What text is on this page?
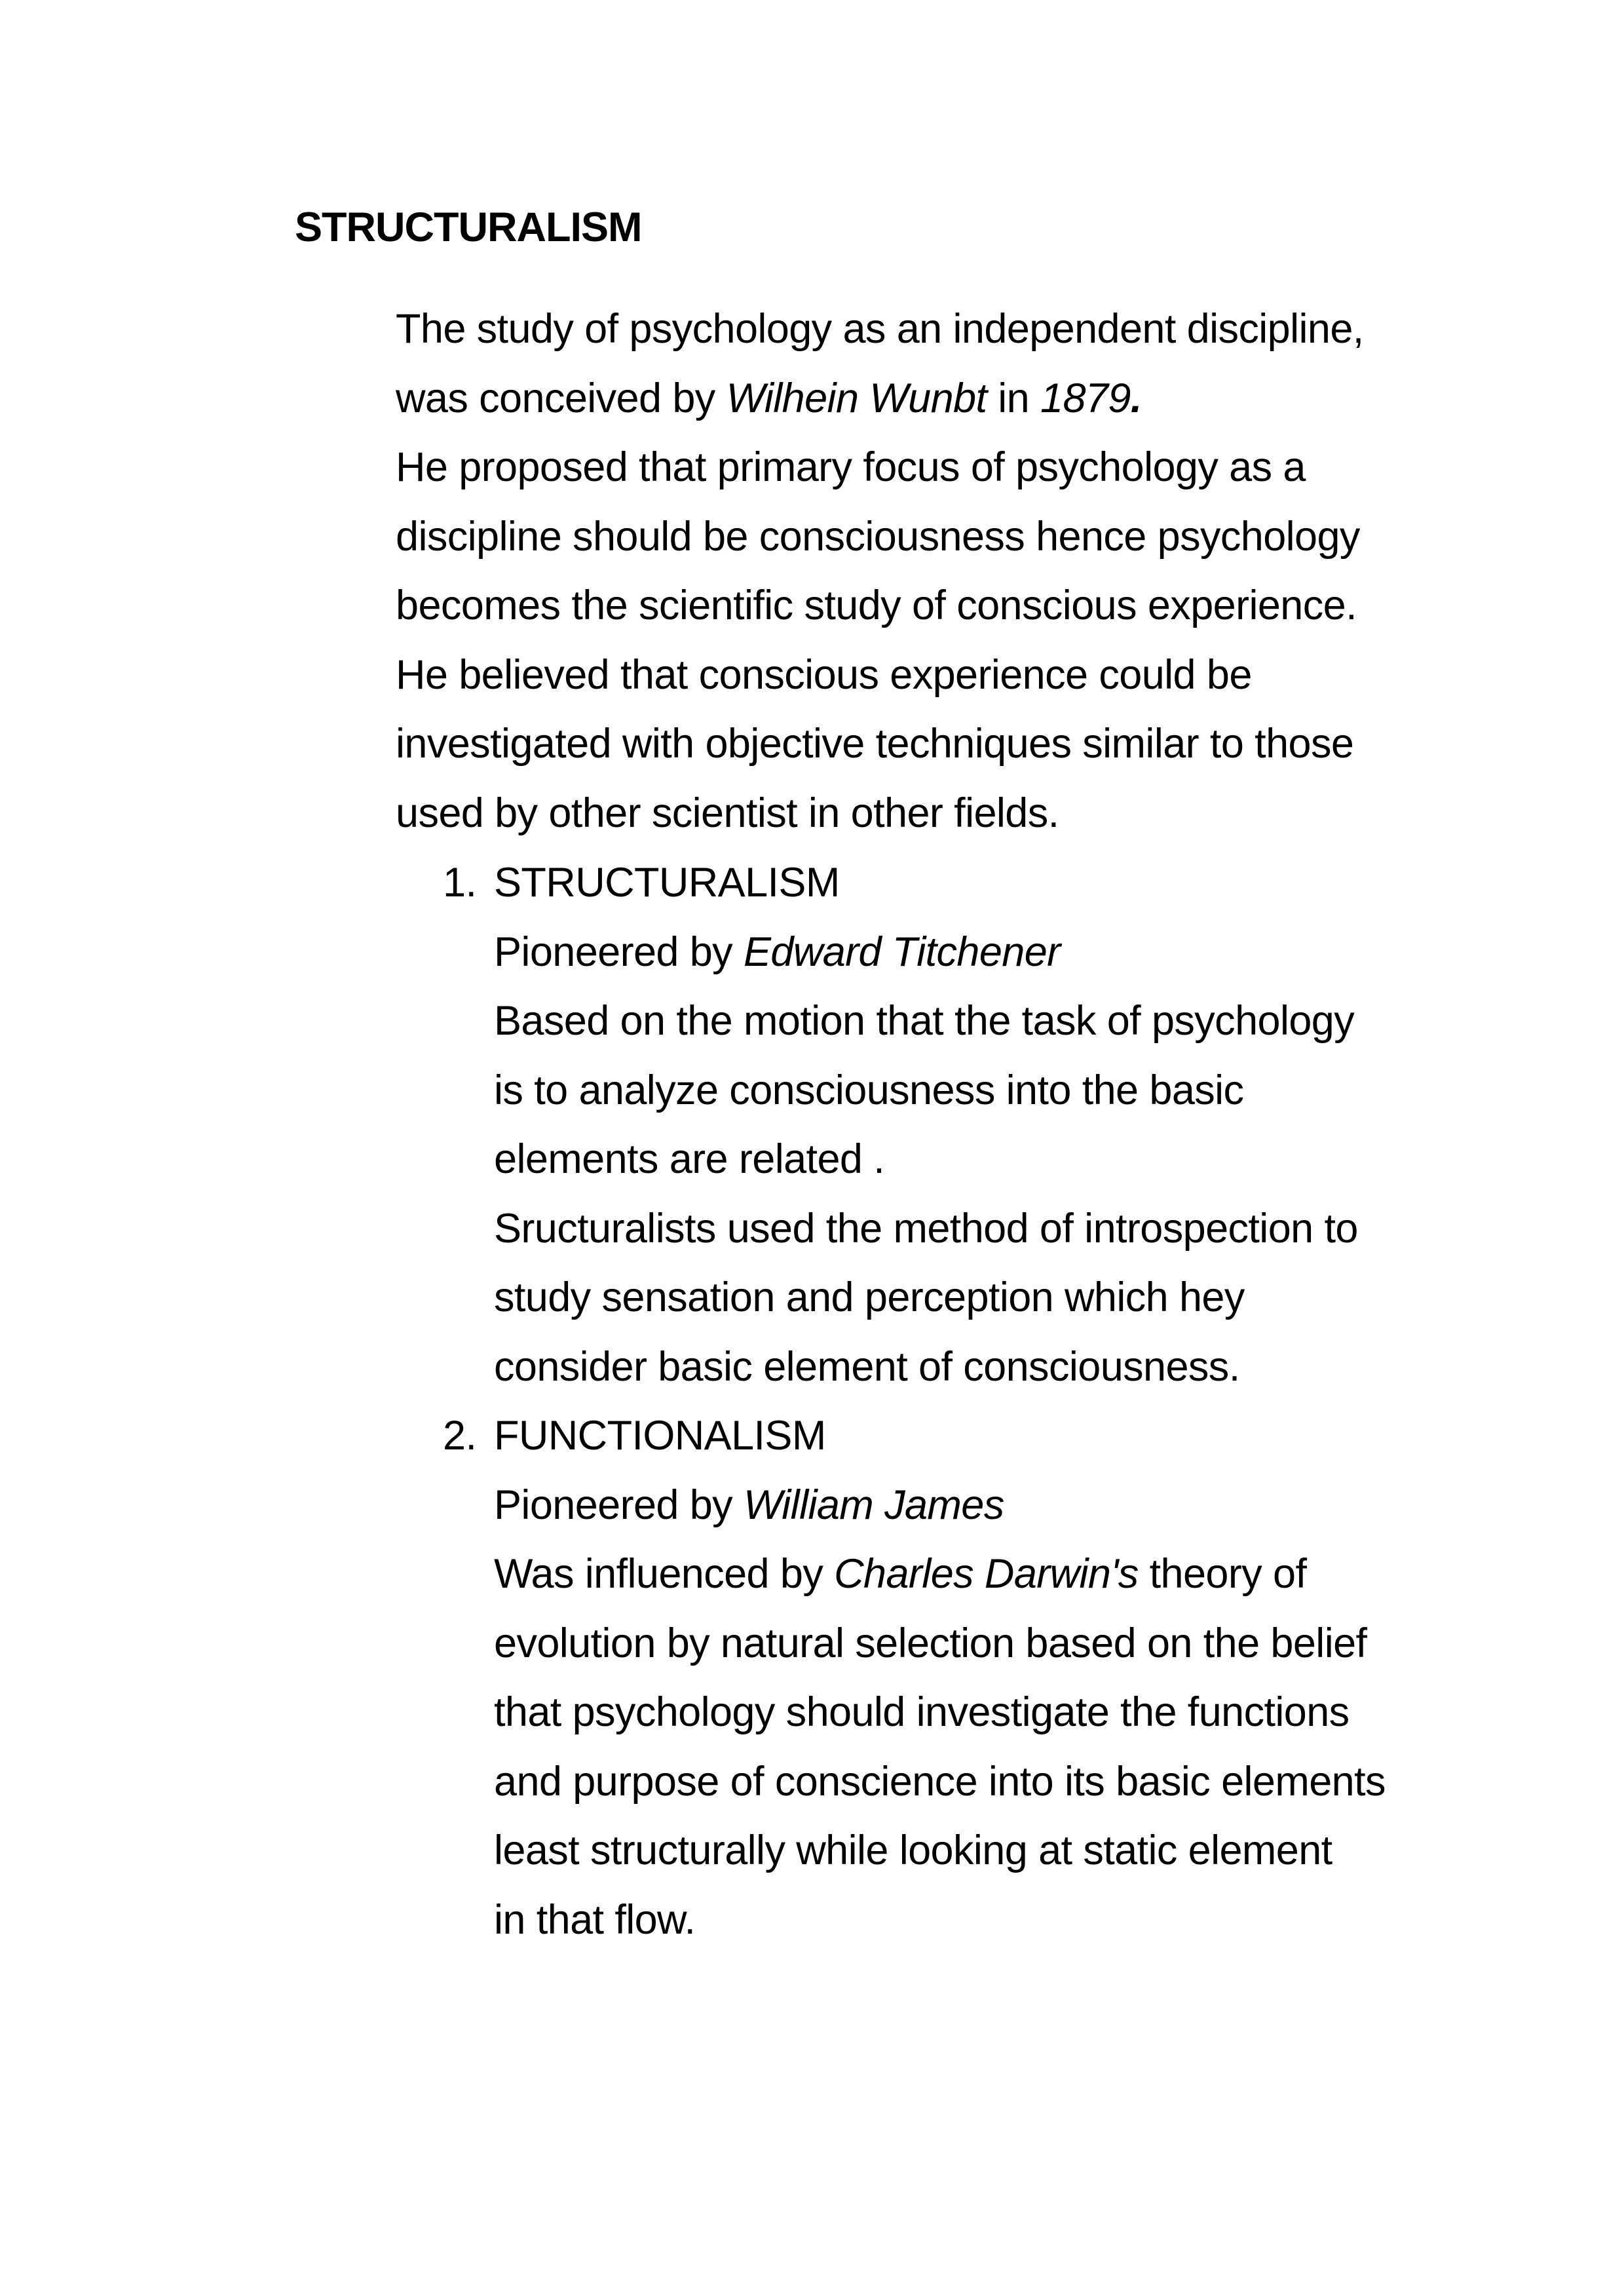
STRUCTURALISM
The study of psychology as an independent discipline,
was conceived by Wilhein Wunbt in 1879.
He proposed that primary focus of psychology as a
discipline should be consciousness hence psychology
becomes the scientific study of conscious experience.
He believed that conscious experience could be
investigated with objective techniques similar to those
used by other scientist in other fields.
1. STRUCTURALISM
Pioneered by Edward Titchener
Based on the motion that the task of psychology
is to analyze consciousness into the basic
elements are related .
Sructuralists used the method of introspection to
study sensation and perception which hey
consider basic element of consciousness.
2. FUNCTIONALISM
Pioneered by William James
Was influenced by Charles Darwin's theory of
evolution by natural selection based on the belief
that psychology should investigate the functions
and purpose of conscience into its basic elements
least structurally while looking at static element
in that flow.
